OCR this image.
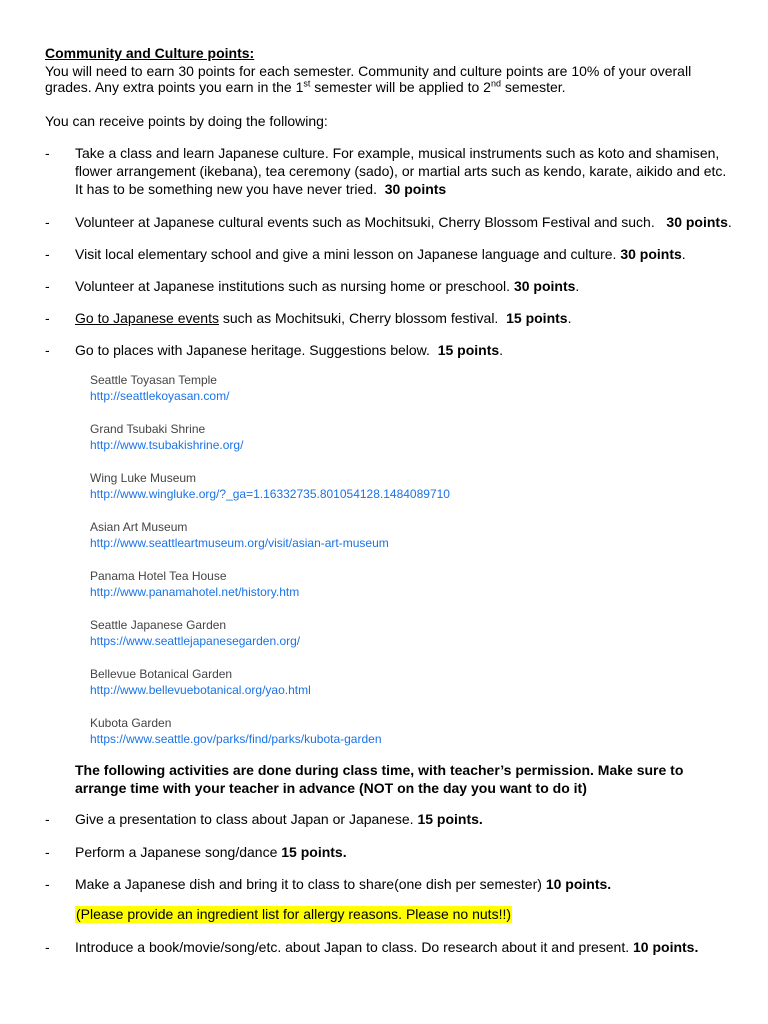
Community and Culture points:
You will need to earn 30 points for each semester. Community and culture points are 10% of your overall
grades. Any extra points you earn in the 1st semester will be applied to 2nd semester.
You can receive points by doing the following:
- Take a class and learn Japanese culture. For example, musical instruments such as koto and shamisen,
flower arrangement (ikebana), tea ceremony (sado), or martial arts such as kendo, karate, aikido and etc.
It has to be something new you have never tried. 30 points
- Volunteer at Japanese cultural events such as Mochitsuki, Cherry Blossom Festival and such. 30 points.
- Visit local elementary school and give a mini lesson on Japanese language and culture. 30 points.
- Volunteer at Japanese institutions such as nursing home or preschool. 30 points.
- Go to Japanese events such as Mochitsuki, Cherry blossom festival. 15 points.
- Go to places with Japanese heritage. Suggestions below. 15 points.
Seattle Toyasan Temple
http://seattlekoyasan.com/
Grand Tsubaki Shrine
http://www.tsubakishrine.org/
Wing Luke Museum
http://www.wingluke.org/?_ga=1.16332735.801054128.1484089710
Asian Art Museum
http://www.seattleartmuseum.org/visit/asian-art-museum
Panama Hotel Tea House
http://www.panamahotel.net/history.htm
Seattle Japanese Garden
https://www.seattlejapanesegarden.org/
Bellevue Botanical Garden
http://www.bellevuebotanical.org/yao.html
Kubota Garden
https://www.seattle.gov/parks/find/parks/kubota-garden
The following activities are done during class time, with teacher’s permission. Make sure to
arrange time with your teacher in advance (NOT on the day you want to do it)
- Give a presentation to class about Japan or Japanese. 15 points.
- Perform a Japanese song/dance 15 points.
- Make a Japanese dish and bring it to class to share(one dish per semester) 10 points.
(Please provide an ingredient list for allergy reasons. Please no nuts!!)
- Introduce a book/movie/song/etc. about Japan to class. Do research about it and present. 10 points.
